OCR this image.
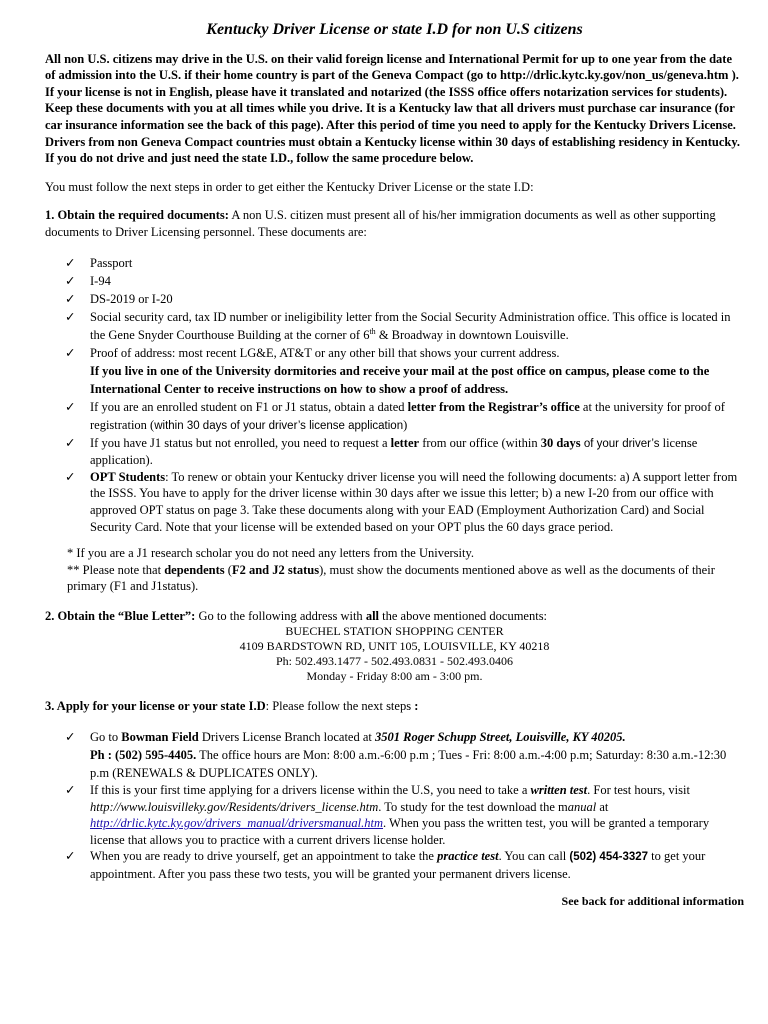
Kentucky Driver License or state I.D for non U.S citizens

All non U.S. citizens may drive in the U.S. on their valid foreign license and International Permit for up to one year from the date of admission into the U.S. if their home country is part of the Geneva Compact (go to http://drlic.kytc.ky.gov/non_us/geneva.htm ). If your license is not in English, please have it translated and notarized (the ISSS office offers notarization services for students). Keep these documents with you at all times while you drive. It is a Kentucky law that all drivers must purchase car insurance (for car insurance information see the back of this page). After this period of time you need to apply for the Kentucky Drivers License. Drivers from non Geneva Compact countries must obtain a Kentucky license within 30 days of establishing residency in Kentucky. If you do not drive and just need the state I.D., follow the same procedure below.

You must follow the next steps in order to get either the Kentucky Driver License or the state I.D:

1. Obtain the required documents: A non U.S. citizen must present all of his/her immigration documents as well as other supporting documents to Driver Licensing personnel. These documents are:

✓ Passport
✓ I-94
✓ DS-2019 or I-20
✓ Social security card, tax ID number or ineligibility letter from the Social Security Administration office. This office is located in the Gene Snyder Courthouse Building at the corner of 6th & Broadway in downtown Louisville.
✓ Proof of address: most recent LG&E, AT&T or any other bill that shows your current address.
If you live in one of the University dormitories and receive your mail at the post office on campus, please come to the International Center to receive instructions on how to show a proof of address.
✓ If you are an enrolled student on F1 or J1 status, obtain a dated letter from the Registrar’s office at the university for proof of registration (within 30 days of your driver’s license application)
✓ If you have J1 status but not enrolled, you need to request a letter from our office (within 30 days of your driver’s license application).
✓ OPT Students: To renew or obtain your Kentucky driver license you will need the following documents: a) A support letter from the ISSS. You have to apply for the driver license within 30 days after we issue this letter; b) a new I-20 from our office with approved OPT status on page 3. Take these documents along with your EAD (Employment Authorization Card) and Social Security Card. Note that your license will be extended based on your OPT plus the 60 days grace period.
* If you are a J1 research scholar you do not need any letters from the University.
** Please note that dependents (F2 and J2 status), must show the documents mentioned above as well as the documents of their primary (F1 and J1status).

2. Obtain the “Blue Letter”: Go to the following address with all the above mentioned documents:

BUECHEL STATION SHOPPING CENTER
4109 BARDSTOWN RD, UNIT 105, LOUISVILLE, KY 40218
Ph: 502.493.1477 - 502.493.0831 - 502.493.0406
Monday - Friday 8:00 am - 3:00 pm.

3. Apply for your license or your state I.D: Please follow the next steps :

✓ Go to Bowman Field Drivers License Branch located at 3501 Roger Schupp Street, Louisville, KY 40205.
Ph : (502) 595-4405. The office hours are Mon: 8:00 a.m.-6:00 p.m ; Tues - Fri: 8:00 a.m.-4:00 p.m; Saturday: 8:30 a.m.-12:30 p.m (RENEWALS & DUPLICATES ONLY).
✓ If this is your first time applying for a drivers license within the U.S, you need to take a written test. For test hours, visit http://www.louisvilleky.gov/Residents/drivers_license.htm. To study for the test download the manual at http://drlic.kytc.ky.gov/drivers_manual/driversmanual.htm. When you pass the written test, you will be granted a temporary license that allows you to practice with a current drivers license holder.
✓ When you are ready to drive yourself, get an appointment to take the practice test. You can call (502) 454-3327 to get your appointment. After you pass these two tests, you will be granted your permanent drivers license.
See back for additional information
